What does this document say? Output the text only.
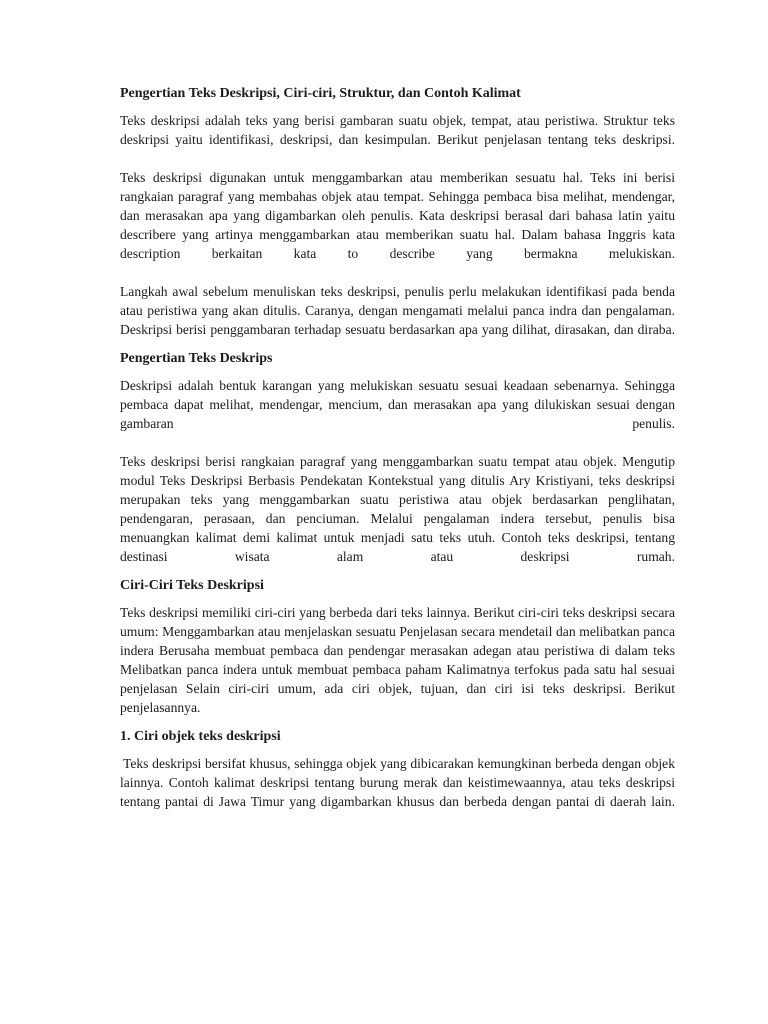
Pengertian Teks Deskripsi, Ciri-ciri, Struktur, dan Contoh Kalimat

Teks deskripsi adalah teks yang berisi gambaran suatu objek, tempat, atau peristiwa. Struktur teks deskripsi yaitu identifikasi, deskripsi, dan kesimpulan. Berikut penjelasan tentang teks deskripsi.

Teks deskripsi digunakan untuk menggambarkan atau memberikan sesuatu hal. Teks ini berisi rangkaian paragraf yang membahas objek atau tempat. Sehingga pembaca bisa melihat, mendengar, dan merasakan apa yang digambarkan oleh penulis. Kata deskripsi berasal dari bahasa latin yaitu describere yang artinya menggambarkan atau memberikan suatu hal. Dalam bahasa Inggris kata description berkaitan kata to describe yang bermakna melukiskan.

Langkah awal sebelum menuliskan teks deskripsi, penulis perlu melakukan identifikasi pada benda atau peristiwa yang akan ditulis. Caranya, dengan mengamati melalui panca indra dan pengalaman. Deskripsi berisi penggambaran terhadap sesuatu berdasarkan apa yang dilihat, dirasakan, dan diraba.

Pengertian Teks Deskrips

Deskripsi adalah bentuk karangan yang melukiskan sesuatu sesuai keadaan sebenarnya. Sehingga pembaca dapat melihat, mendengar, mencium, dan merasakan apa yang dilukiskan sesuai dengan gambaran penulis.

Teks deskripsi berisi rangkaian paragraf yang menggambarkan suatu tempat atau objek. Mengutip modul Teks Deskripsi Berbasis Pendekatan Kontekstual yang ditulis Ary Kristiyani, teks deskripsi merupakan teks yang menggambarkan suatu peristiwa atau objek berdasarkan penglihatan, pendengaran, perasaan, dan penciuman. Melalui pengalaman indera tersebut, penulis bisa menuangkan kalimat demi kalimat untuk menjadi satu teks utuh. Contoh teks deskripsi, tentang destinasi wisata alam atau deskripsi rumah.

Ciri-Ciri Teks Deskripsi

Teks deskripsi memiliki ciri-ciri yang berbeda dari teks lainnya. Berikut ciri-ciri teks deskripsi secara umum: Menggambarkan atau menjelaskan sesuatu Penjelasan secara mendetail dan melibatkan panca indera Berusaha membuat pembaca dan pendengar merasakan adegan atau peristiwa di dalam teks Melibatkan panca indera untuk membuat pembaca paham Kalimatnya terfokus pada satu hal sesuai penjelasan Selain ciri-ciri umum, ada ciri objek, tujuan, dan ciri isi teks deskripsi. Berikut penjelasannya.

1. Ciri objek teks deskripsi

Teks deskripsi bersifat khusus, sehingga objek yang dibicarakan kemungkinan berbeda dengan objek lainnya. Contoh kalimat deskripsi tentang burung merak dan keistimewaannya, atau teks deskripsi tentang pantai di Jawa Timur yang digambarkan khusus dan berbeda dengan pantai di daerah lain.
